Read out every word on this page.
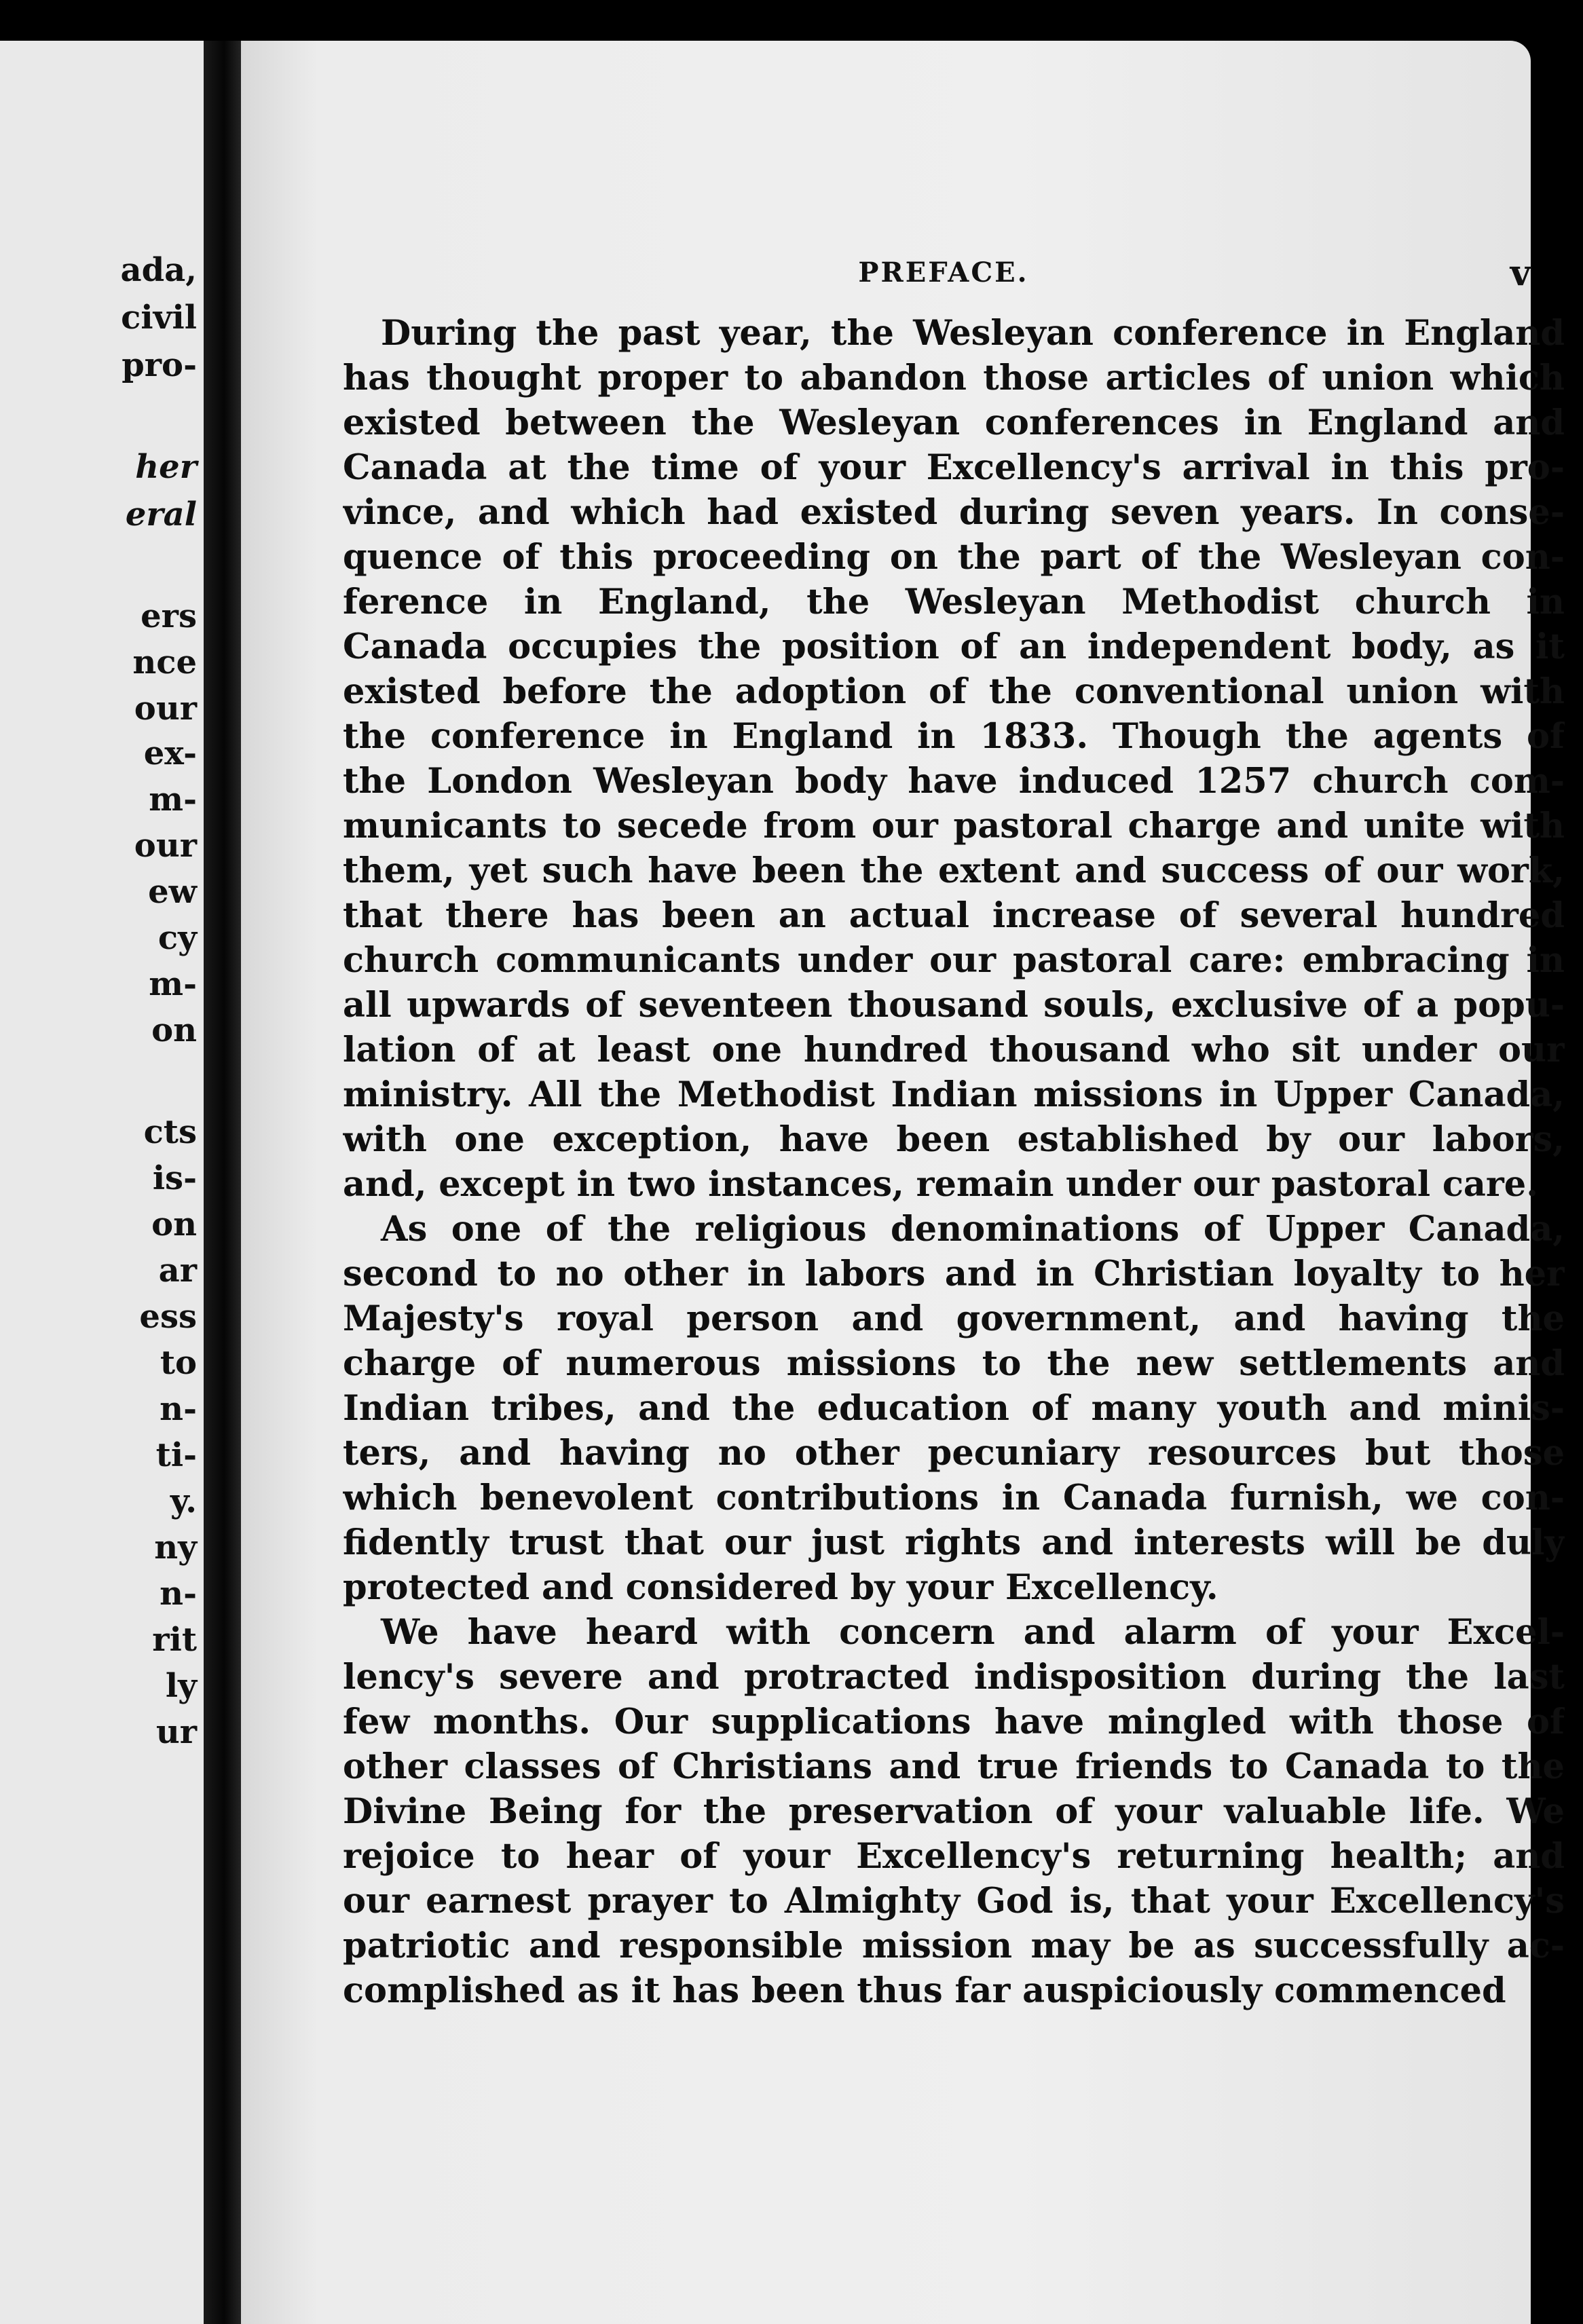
ada,
civil
pro-
her
eral
ers
nce
our
ex-
m-
our
ew
cy
m-
on
cts
is-
on
ar
ess
to
n-
ti-
y.
ny
n-
rit
ly
ur
PREFACE.	v
During the past year, the Wesleyan conference in England
has thought proper to abandon those articles of union which
existed between the Wesleyan conferences in England and
Canada at the time of your Excellency's arrival in this pro-
vince, and which had existed during seven years. In conse-
quence of this proceeding on the part of the Wesleyan con-
ference in England, the Wesleyan Methodist church in
Canada occupies the position of an independent body, as it
existed before the adoption of the conventional union with
the conference in England in 1833. Though the agents of
the London Wesleyan body have induced 1257 church com-
municants to secede from our pastoral charge and unite with
them, yet such have been the extent and success of our work,
that there has been an actual increase of several hundred
church communicants under our pastoral care: embracing in
all upwards of seventeen thousand souls, exclusive of a popu-
lation of at least one hundred thousand who sit under our
ministry. All the Methodist Indian missions in Upper Canada,
with one exception, have been established by our labors,
and, except in two instances, remain under our pastoral care.
As one of the religious denominations of Upper Canada,
second to no other in labors and in Christian loyalty to her
Majesty's royal person and government, and having the
charge of numerous missions to the new settlements and
Indian tribes, and the education of many youth and minis-
ters, and having no other pecuniary resources but those
which benevolent contributions in Canada furnish, we con-
fidently trust that our just rights and interests will be duly
protected and considered by your Excellency.
We have heard with concern and alarm of your Excel-
lency's severe and protracted indisposition during the last
few months. Our supplications have mingled with those of
other classes of Christians and true friends to Canada to the
Divine Being for the preservation of your valuable life. We
rejoice to hear of your Excellency's returning health; and
our earnest prayer to Almighty God is, that your Excellency's
patriotic and responsible mission may be as successfully ac-
complished as it has been thus far auspiciously commenced
